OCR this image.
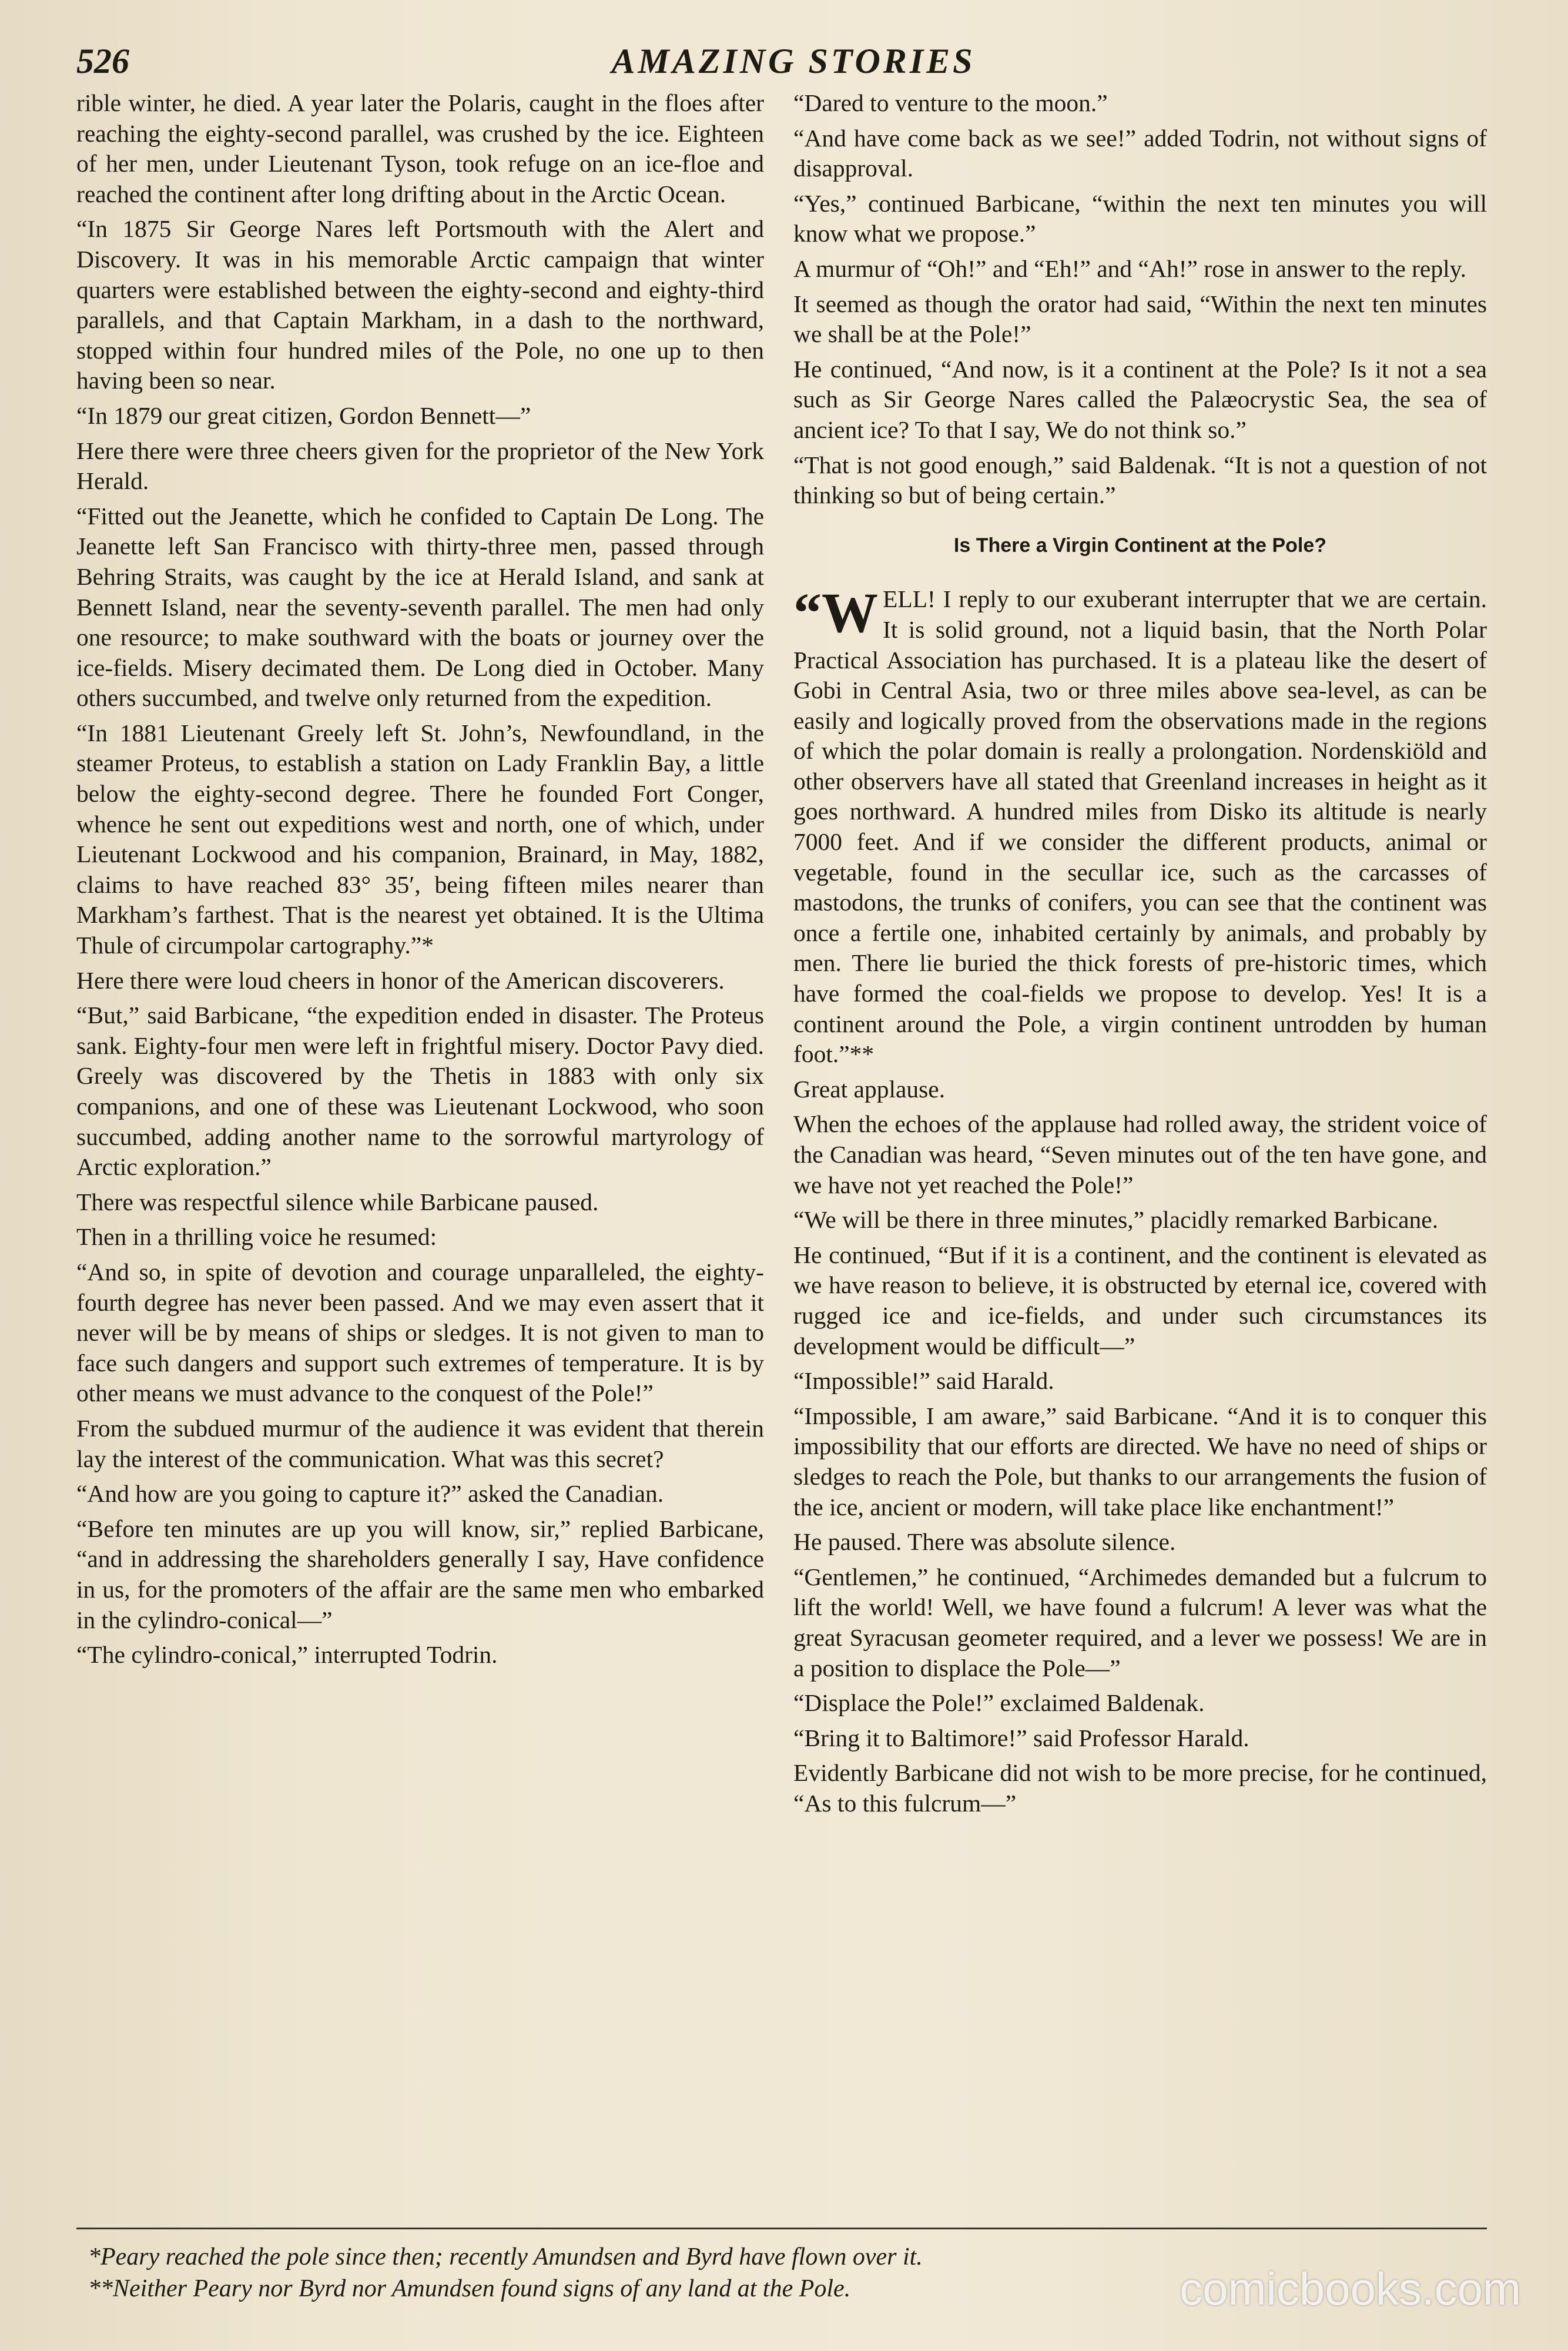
526	AMAZING STORIES

rible winter, he died. A year later the Polaris, caught in the floes after reaching the eighty-second parallel, was crushed by the ice. Eighteen of her men, under Lieutenant Tyson, took refuge on an ice-floe and reached the continent after long drifting about in the Arctic Ocean.

“In 1875 Sir George Nares left Portsmouth with the Alert and Discovery. It was in his memorable Arctic campaign that winter quarters were established between the eighty-second and eighty-third parallels, and that Captain Markham, in a dash to the northward, stopped within four hundred miles of the Pole, no one up to then having been so near.

“In 1879 our great citizen, Gordon Bennett—”

Here there were three cheers given for the proprietor of the New York Herald.

“Fitted out the Jeanette, which he confided to Captain De Long. The Jeanette left San Francisco with thirty-three men, passed through Behring Straits, was caught by the ice at Herald Island, and sank at Bennett Island, near the seventy-seventh parallel. The men had only one resource; to make southward with the boats or journey over the ice-fields. Misery decimated them. De Long died in October. Many others succumbed, and twelve only returned from the expedition.

“In 1881 Lieutenant Greely left St. John’s, Newfoundland, in the steamer Proteus, to establish a station on Lady Franklin Bay, a little below the eighty-second degree. There he founded Fort Conger, whence he sent out expeditions west and north, one of which, under Lieutenant Lockwood and his companion, Brainard, in May, 1882, claims to have reached 83° 35′, being fifteen miles nearer than Markham’s farthest. That is the nearest yet obtained. It is the Ultima Thule of circumpolar cartography.”*

Here there were loud cheers in honor of the American discoverers.

“But,” said Barbicane, “the expedition ended in disaster. The Proteus sank. Eighty-four men were left in frightful misery. Doctor Pavy died. Greely was discovered by the Thetis in 1883 with only six companions, and one of these was Lieutenant Lockwood, who soon succumbed, adding another name to the sorrowful martyrology of Arctic exploration.”

There was respectful silence while Barbicane paused.

Then in a thrilling voice he resumed:

“And so, in spite of devotion and courage unparalleled, the eighty-fourth degree has never been passed. And we may even assert that it never will be by means of ships or sledges. It is not given to man to face such dangers and support such extremes of temperature. It is by other means we must advance to the conquest of the Pole!”

From the subdued murmur of the audience it was evident that therein lay the interest of the communication. What was this secret?

“And how are you going to capture it?” asked the Canadian.

“Before ten minutes are up you will know, sir,” replied Barbicane, “and in addressing the shareholders generally I say, Have confidence in us, for the promoters of the affair are the same men who embarked in the cylindro-conical—”

“The cylindro-conical,” interrupted Todrin.

“Dared to venture to the moon.”

“And have come back as we see!” added Todrin, not without signs of disapproval.

“Yes,” continued Barbicane, “within the next ten minutes you will know what we propose.”

A murmur of “Oh!” and “Eh!” and “Ah!” rose in answer to the reply.

It seemed as though the orator had said, “Within the next ten minutes we shall be at the Pole!”

He continued, “And now, is it a continent at the Pole? Is it not a sea such as Sir George Nares called the Palæocrystic Sea, the sea of ancient ice? To that I say, We do not think so.”

“That is not good enough,” said Baldenak. “It is not a question of not thinking so but of being certain.”

Is There a Virgin Continent at the Pole?

“WELL! I reply to our exuberant interrupter that we are certain. It is solid ground, not a liquid basin, that the North Polar Practical Association has purchased. It is a plateau like the desert of Gobi in Central Asia, two or three miles above sea-level, as can be easily and logically proved from the observations made in the regions of which the polar domain is really a prolongation. Nordenskiöld and other observers have all stated that Greenland increases in height as it goes northward. A hundred miles from Disko its altitude is nearly 7000 feet. And if we consider the different products, animal or vegetable, found in the secullar ice, such as the carcasses of mastodons, the trunks of conifers, you can see that the continent was once a fertile one, inhabited certainly by animals, and probably by men. There lie buried the thick forests of pre-historic times, which have formed the coal-fields we propose to develop. Yes! It is a continent around the Pole, a virgin continent untrodden by human foot.”**

Great applause.

When the echoes of the applause had rolled away, the strident voice of the Canadian was heard, “Seven minutes out of the ten have gone, and we have not yet reached the Pole!”

“We will be there in three minutes,” placidly remarked Barbicane.

He continued, “But if it is a continent, and the continent is elevated as we have reason to believe, it is obstructed by eternal ice, covered with rugged ice and ice-fields, and under such circumstances its development would be difficult—”

“Impossible!” said Harald.

“Impossible, I am aware,” said Barbicane. “And it is to conquer this impossibility that our efforts are directed. We have no need of ships or sledges to reach the Pole, but thanks to our arrangements the fusion of the ice, ancient or modern, will take place like enchantment!”

He paused. There was absolute silence.

“Gentlemen,” he continued, “Archimedes demanded but a fulcrum to lift the world! Well, we have found a fulcrum! A lever was what the great Syracusan geometer required, and a lever we possess! We are in a position to displace the Pole—”

“Displace the Pole!” exclaimed Baldenak.

“Bring it to Baltimore!” said Professor Harald.

Evidently Barbicane did not wish to be more precise, for he continued, “As to this fulcrum—”

*Peary reached the pole since then; recently Amundsen and Byrd have flown over it.
**Neither Peary nor Byrd nor Amundsen found signs of any land at the Pole.	comicbooks.com
